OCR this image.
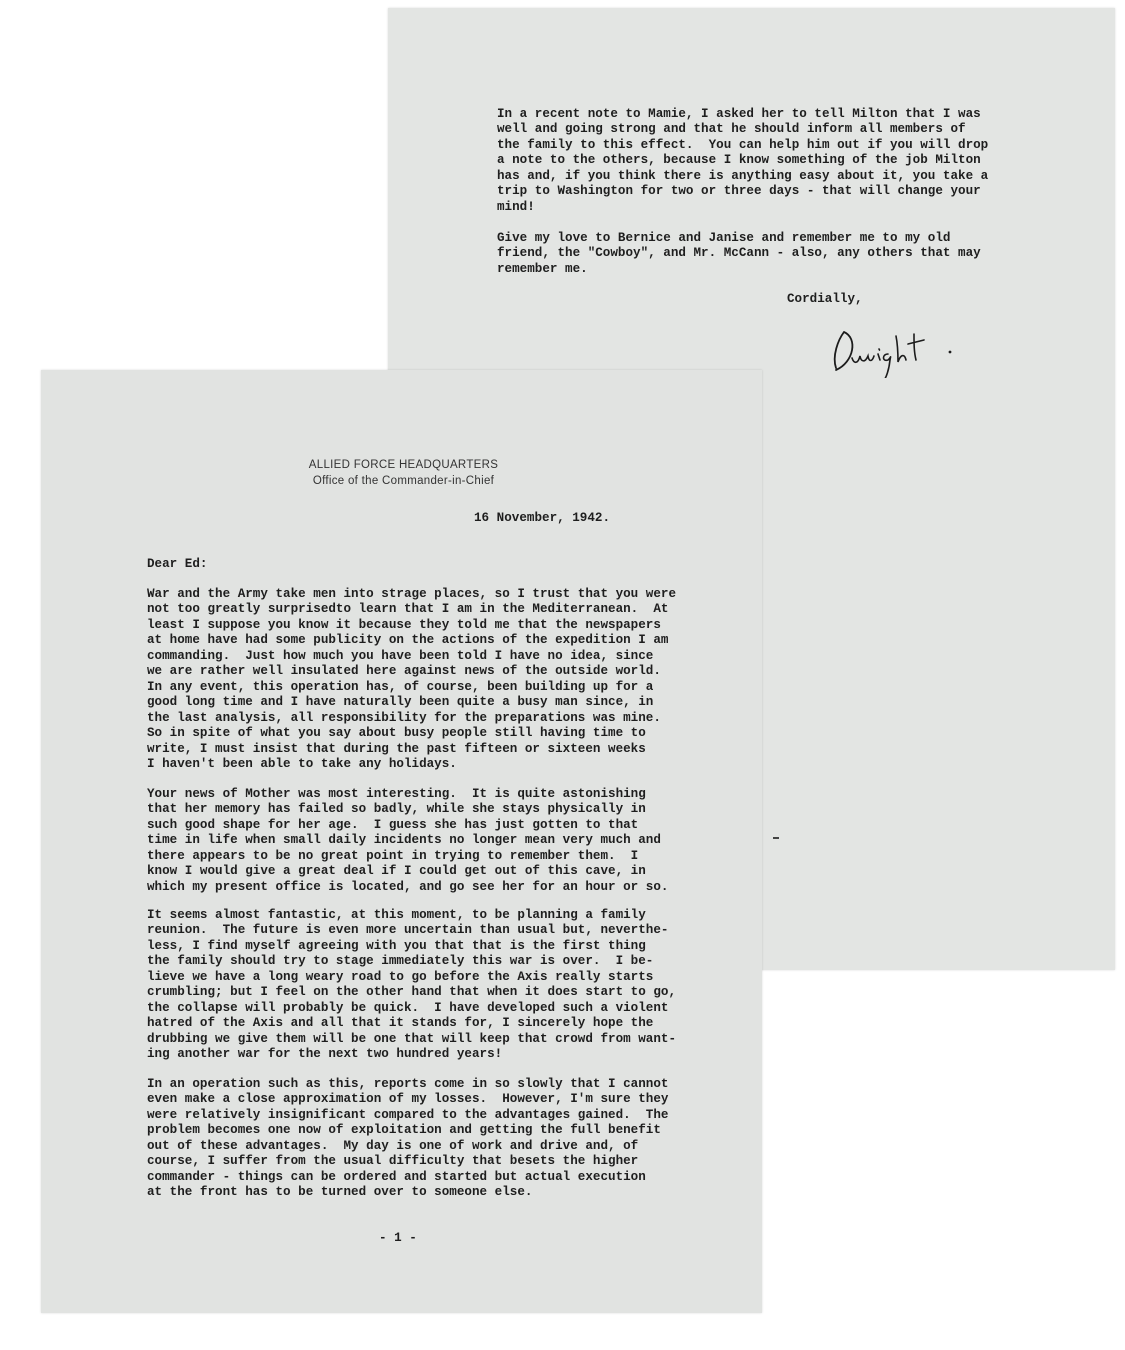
In a recent note to Mamie, I asked her to tell Milton that I was
well and going strong and that he should inform all members of
the family to this effect.  You can help him out if you will drop
a note to the others, because I know something of the job Milton
has and, if you think there is anything easy about it, you take a
trip to Washington for two or three days - that will change your
mind!
Give my love to Bernice and Janise and remember me to my old
friend, the "Cowboy", and Mr. McCann - also, any others that may
remember me.
Cordially,

ALLIED FORCE HEADQUARTERS

Office of the Commander-in-Chief

16 November, 1942.
Dear Ed:
War and the Army take men into strage places, so I trust that you were
not too greatly surprisedto learn that I am in the Mediterranean.  At
least I suppose you know it because they told me that the newspapers
at home have had some publicity on the actions of the expedition I am
commanding.  Just how much you have been told I have no idea, since
we are rather well insulated here against news of the outside world.
In any event, this operation has, of course, been building up for a
good long time and I have naturally been quite a busy man since, in
the last analysis, all responsibility for the preparations was mine.
So in spite of what you say about busy people still having time to
write, I must insist that during the past fifteen or sixteen weeks
I haven't been able to take any holidays.
Your news of Mother was most interesting.  It is quite astonishing
that her memory has failed so badly, while she stays physically in
such good shape for her age.  I guess she has just gotten to that
time in life when small daily incidents no longer mean very much and
there appears to be no great point in trying to remember them.  I
know I would give a great deal if I could get out of this cave, in
which my present office is located, and go see her for an hour or so.
It seems almost fantastic, at this moment, to be planning a family
reunion.  The future is even more uncertain than usual but, neverthe-
less, I find myself agreeing with you that that is the first thing
the family should try to stage immediately this war is over.  I be-
lieve we have a long weary road to go before the Axis really starts
crumbling; but I feel on the other hand that when it does start to go,
the collapse will probably be quick.  I have developed such a violent
hatred of the Axis and all that it stands for, I sincerely hope the
drubbing we give them will be one that will keep that crowd from want-
ing another war for the next two hundred years!
In an operation such as this, reports come in so slowly that I cannot
even make a close approximation of my losses.  However, I'm sure they
were relatively insignificant compared to the advantages gained.  The
problem becomes one now of exploitation and getting the full benefit
out of these advantages.  My day is one of work and drive and, of
course, I suffer from the usual difficulty that besets the higher
commander - things can be ordered and started but actual execution
at the front has to be turned over to someone else.
- 1 -
